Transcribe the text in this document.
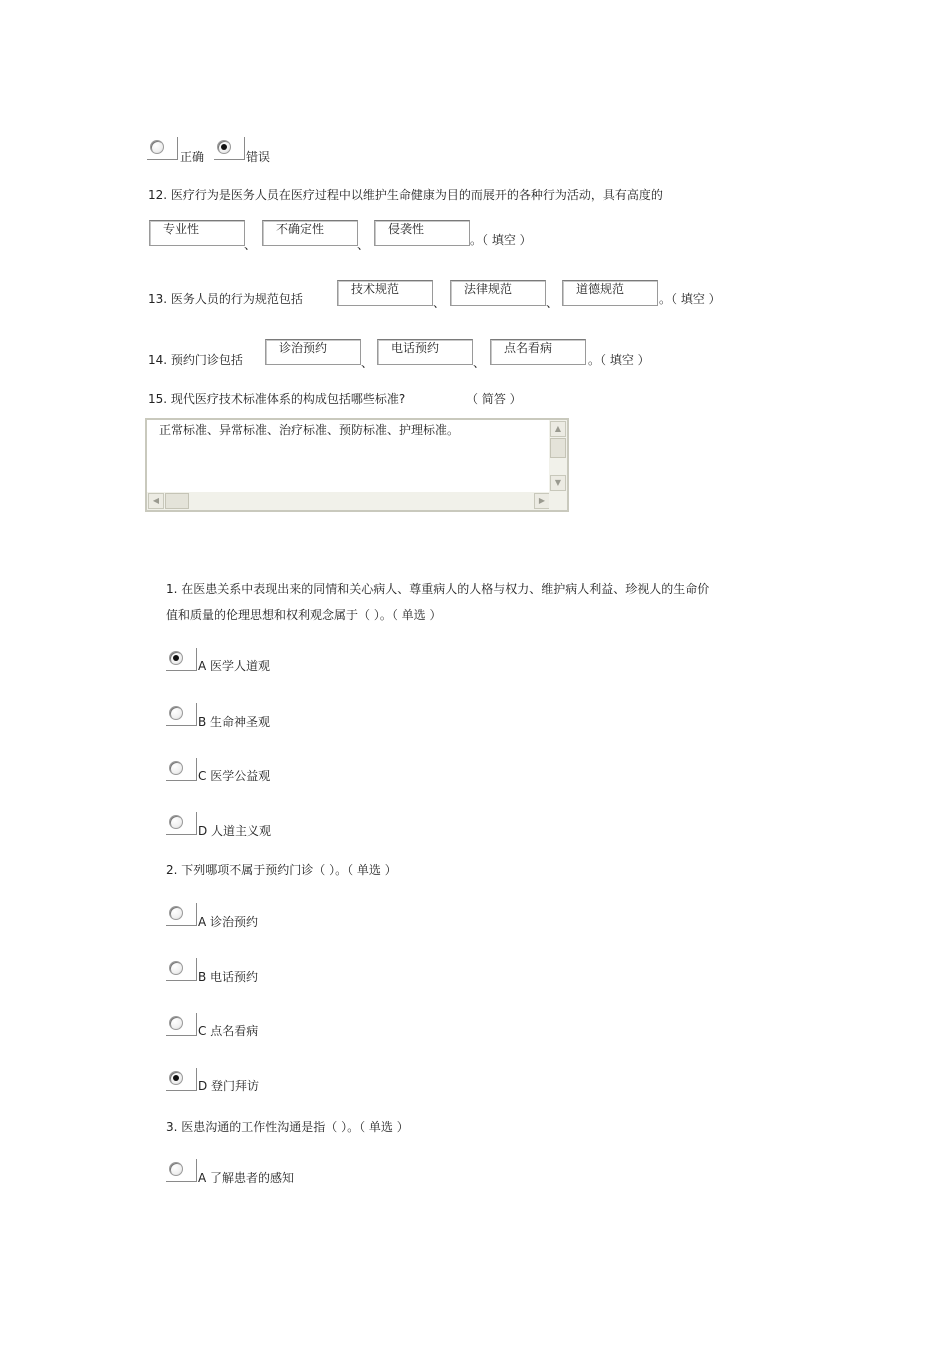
正确	错误
12. 医疗行为是医务人员在医疗过程中以维护生命健康为目的而展开的各种行为活动，具有高度的
专业性
、
不确定性
、
侵袭性
。（ 填空 ）
13. 医务人员的行为规范包括
技术规范
、
法律规范
、
道德规范
。（ 填空 ）
14. 预约门诊包括
诊治预约
、
电话预约
、
点名看病
。（ 填空 ）
15. 现代医疗技术标准体系的构成包括哪些标准?	（ 简答 ）
正常标准、异常标准、治疗标准、预防标准、护理标准。	▲
▼
◀	▶
1. 在医患关系中表现出来的同情和关心病人、尊重病人的人格与权力、维护病人利益、珍视人的生命价
值和质量的伦理思想和权利观念属于（ ）。（ 单选 ）
A 医学人道观
B 生命神圣观
C 医学公益观
D 人道主义观
2. 下列哪项不属于预约门诊（ ）。（ 单选 ）
A 诊治预约
B 电话预约
C 点名看病
D 登门拜访
3. 医患沟通的工作性沟通是指（ ）。（ 单选 ）
A 了解患者的感知
